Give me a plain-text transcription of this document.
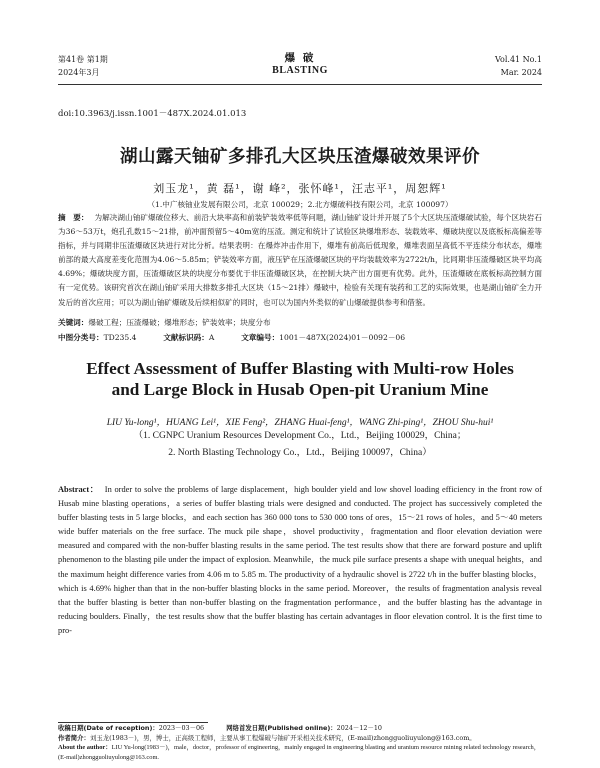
第41卷 第1期
2024年3月
爆 破
BLASTING
Vol.41 No.1
Mar. 2024
doi:10.3963/j.issn.1001－487X.2024.01.013
湖山露天铀矿多排孔大区块压渣爆破效果评价
刘玉龙¹，黄 磊¹，谢 峰²，张怀峰¹，汪志平¹，周恕辉¹
（1.中广核铀业发展有限公司，北京 100029；2.北方爆破科技有限公司，北京 100097）
摘　要： 为解决湖山铀矿爆破位移大、前沿大块率高和前装铲装效率低等问题，湖山铀矿设计并开展了5个大区块压渣爆破试验，每个区块岩石为36～53万t，炮孔孔数15～21排，前冲面预留5～40m宽的压渣。测定和统计了试验区块爆堆形态、装载效率、爆破块度以及底板标高偏差等指标，并与同期非压渣爆破区块进行对比分析。结果表明：在爆炸冲击作用下，爆堆有前高后低现象，爆堆表面呈高低不平连续分布状态，爆堆前部的最大高度差变化范围为4.06～5.85m；铲装效率方面，液压铲在压渣爆破区块的平均装载效率为2722t/h，比同期非压渣爆破区块平均高4.69%；爆破块度方面，压渣爆破区块的块度分布要优于非压渣爆破区块，在控制大块产出方面更有优势。此外，压渣爆破在底板标高控制方面有一定优势。该研究首次在湖山铀矿采用大排数多排孔大区块（15～21排）爆破中，检验有关现有装药和工艺的实际效果，也是湖山铀矿全力开发后的首次应用；可以为湖山铀矿爆破及后续相似矿的同时，也可以为国内外类似的矿山爆破提供参考和借鉴。
关键词：爆破工程；压渣爆破；爆堆形态；铲装效率；块度分布
中图分类号：TD235.4	文献标识码：A	文章编号：1001－487X(2024)01－0092－06
Effect Assessment of Buffer Blasting with Multi-row Holes
and Large Block in Husab Open-pit Uranium Mine
LIU Yu-long¹，HUANG Lei¹，XIE Feng²，ZHANG Huai-feng¹，WANG Zhi-ping¹，ZHOU Shu-hui¹
（1. CGNPC Uranium Resources Development Co.，Ltd.，Beijing 100029，China；
2. North Blasting Technology Co.，Ltd.，Beijing 100097，China）
Abstract： In order to solve the problems of large displacement，high boulder yield and low shovel loading efficiency in the front row of Husab mine blasting operations，a series of buffer blasting trials were designed and conducted. The project has successively completed the buffer blasting tests in 5 large blocks，and each section has 360 000 tons to 530 000 tons of ores，15～21 rows of holes，and 5～40 meters wide buffer materials on the free surface. The muck pile shape，shovel productivity，fragmentation and floor elevation deviation were measured and compared with the non-buffer blasting results in the same period. The test results show that there are forward posture and uplift phenomenon to the blasting pile under the impact of explosion. Meanwhile，the muck pile surface presents a shape with unequal heights，and the maximum height difference varies from 4.06 m to 5.85 m. The productivity of a hydraulic shovel is 2722 t/h in the buffer blasting blocks，which is 4.69% higher than that in the non-buffer blasting blocks in the same period. Moreover，the results of fragmentation analysis reveal that the buffer blasting is better than non-buffer blasting on the fragmentation performance，and the buffer blasting has the advantage in reducing boulders. Finally，the test results show that the buffer blasting has certain advantages in floor elevation control. It is the first time to pro-
收稿日期(Date of reception)：2023－03－06	网络首发日期(Published online)：2024－12－10
作者简介：刘玉龙(1983－)，男，博士，正高级工程师，主要从事工程爆破与铀矿开采相关技术研究，(E-mail)zhongguoliuyulong@163.com。
About the author：LIU Yu-long(1983－)，male，doctor，professor of engineering，mainly engaged in engineering blasting and uranium resource mining related technology research，(E-mail)zhongguoliuyulong@163.com.
